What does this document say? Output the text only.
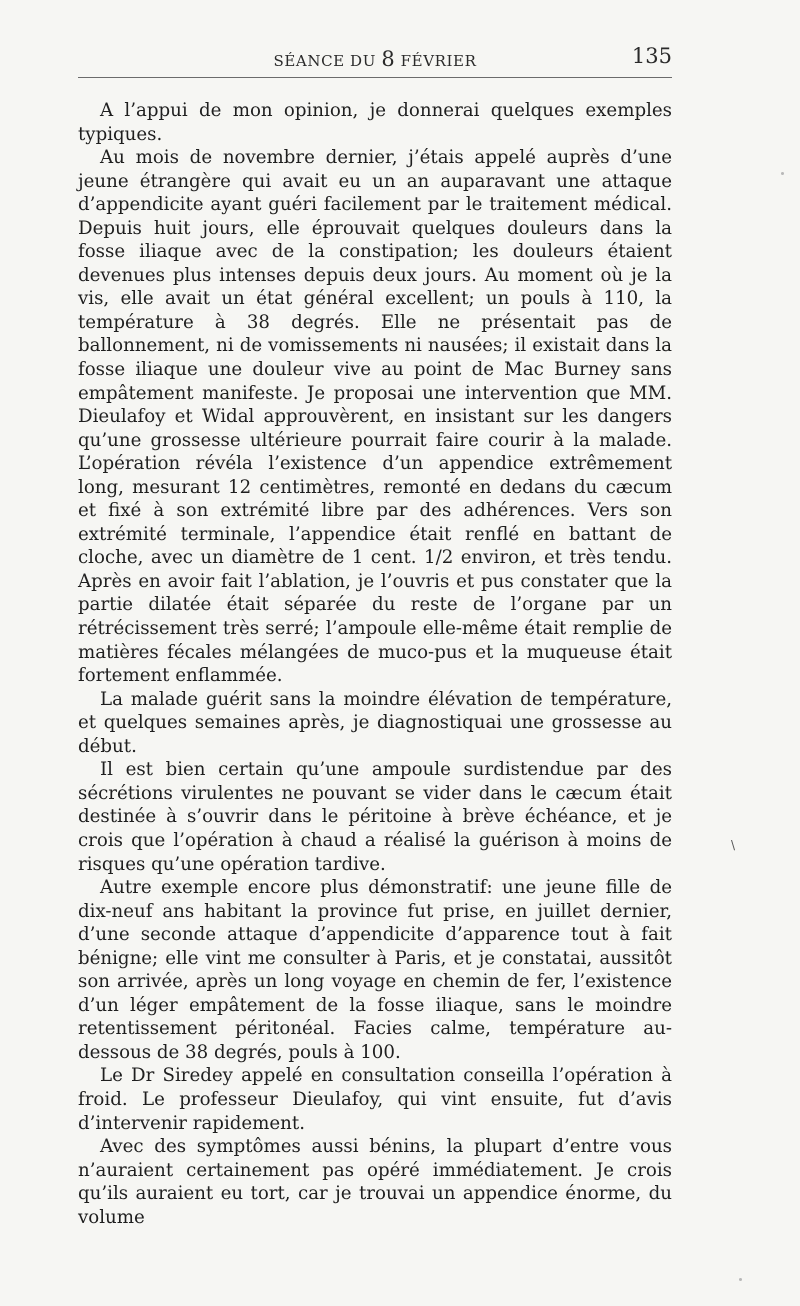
SÉANCE DU 8 FÉVRIER	135

A l’appui de mon opinion, je donnerai quelques exemples typiques.

Au mois de novembre dernier, j’étais appelé auprès d’une jeune étrangère qui avait eu un an auparavant une attaque d’appendicite ayant guéri facilement par le traitement médical. Depuis huit jours, elle éprouvait quelques douleurs dans la fosse iliaque avec de la constipation; les douleurs étaient devenues plus intenses depuis deux jours. Au moment où je la vis, elle avait un état général excellent; un pouls à 110, la température à 38 degrés. Elle ne présentait pas de ballonnement, ni de vomissements ni nausées; il existait dans la fosse iliaque une douleur vive au point de Mac Burney sans empâtement manifeste. Je proposai une intervention que MM. Dieulafoy et Widal approuvèrent, en insistant sur les dangers qu’une grossesse ultérieure pourrait faire courir à la malade. L’opération révéla l’existence d’un appendice extrêmement long, mesurant 12 centimètres, remonté en dedans du cæcum et fixé à son extrémité libre par des adhérences. Vers son extrémité terminale, l’appendice était renflé en battant de cloche, avec un diamètre de 1 cent. 1/2 environ, et très tendu. Après en avoir fait l’ablation, je l’ouvris et pus constater que la partie dilatée était séparée du reste de l’organe par un rétrécissement très serré; l’ampoule elle-même était remplie de matières fécales mélangées de muco-pus et la muqueuse était fortement enflammée.

La malade guérit sans la moindre élévation de température, et quelques semaines après, je diagnostiquai une grossesse au début.

Il est bien certain qu’une ampoule surdistendue par des sécrétions virulentes ne pouvant se vider dans le cæcum était destinée à s’ouvrir dans le péritoine à brève échéance, et je crois que l’opération à chaud a réalisé la guérison à moins de risques qu’une opération tardive.

Autre exemple encore plus démonstratif: une jeune fille de dix-neuf ans habitant la province fut prise, en juillet dernier, d’une seconde attaque d’appendicite d’apparence tout à fait bénigne; elle vint me consulter à Paris, et je constatai, aussitôt son arrivée, après un long voyage en chemin de fer, l’existence d’un léger empâtement de la fosse iliaque, sans le moindre retentissement péritonéal. Facies calme, température au-dessous de 38 degrés, pouls à 100.

Le Dr Siredey appelé en consultation conseilla l’opération à froid. Le professeur Dieulafoy, qui vint ensuite, fut d’avis d’intervenir rapidement.

Avec des symptômes aussi bénins, la plupart d’entre vous n’auraient certainement pas opéré immédiatement. Je crois qu’ils auraient eu tort, car je trouvai un appendice énorme, du volume

\
